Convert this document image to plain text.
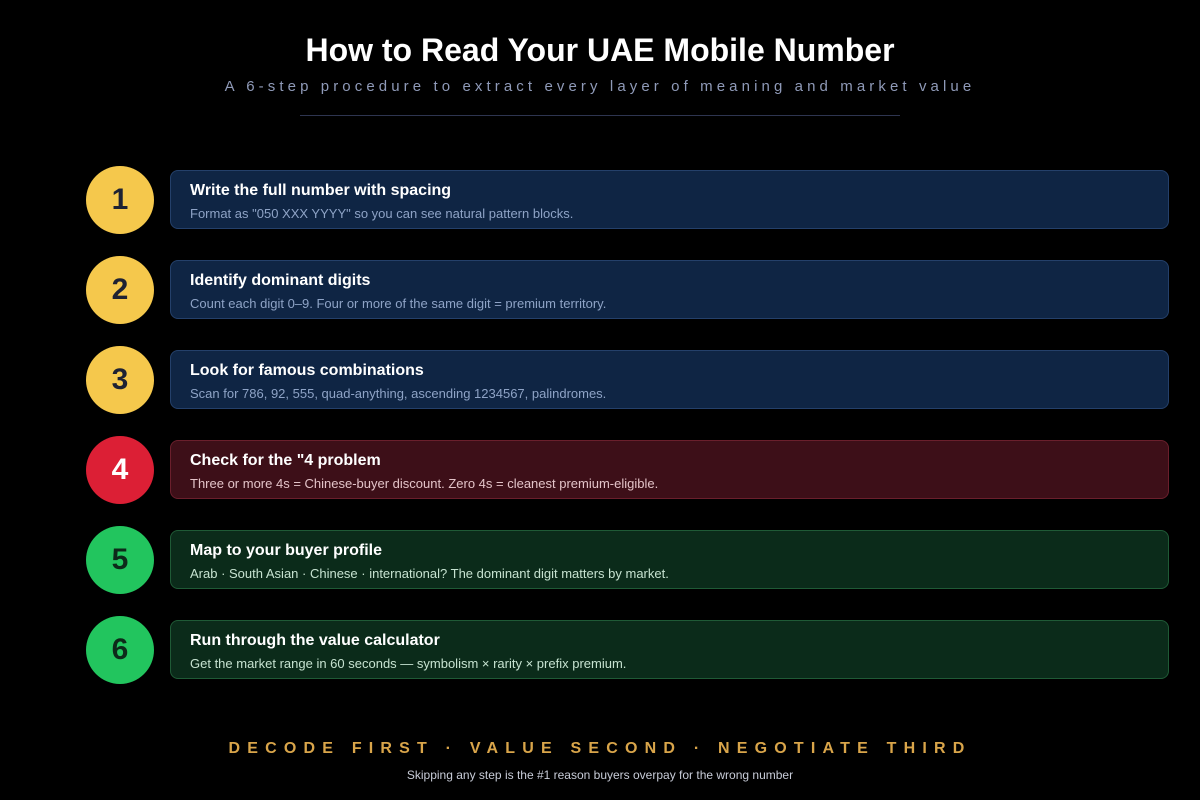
How to Read Your UAE Mobile Number
A 6-step procedure to extract every layer of meaning and market value
1	Write the full number with spacing
Format as "050 XXX YYYY" so you can see natural pattern blocks.
2	Identify dominant digits
Count each digit 0–9. Four or more of the same digit = premium territory.
3	Look for famous combinations
Scan for 786, 92, 555, quad-anything, ascending 1234567, palindromes.
4	Check for the "4 problem
Three or more 4s = Chinese-buyer discount. Zero 4s = cleanest premium-eligible.
5	Map to your buyer profile
Arab · South Asian · Chinese · international? The dominant digit matters by market.
6	Run through the value calculator
Get the market range in 60 seconds — symbolism × rarity × prefix premium.
DECODE FIRST · VALUE SECOND · NEGOTIATE THIRD
Skipping any step is the #1 reason buyers overpay for the wrong number
